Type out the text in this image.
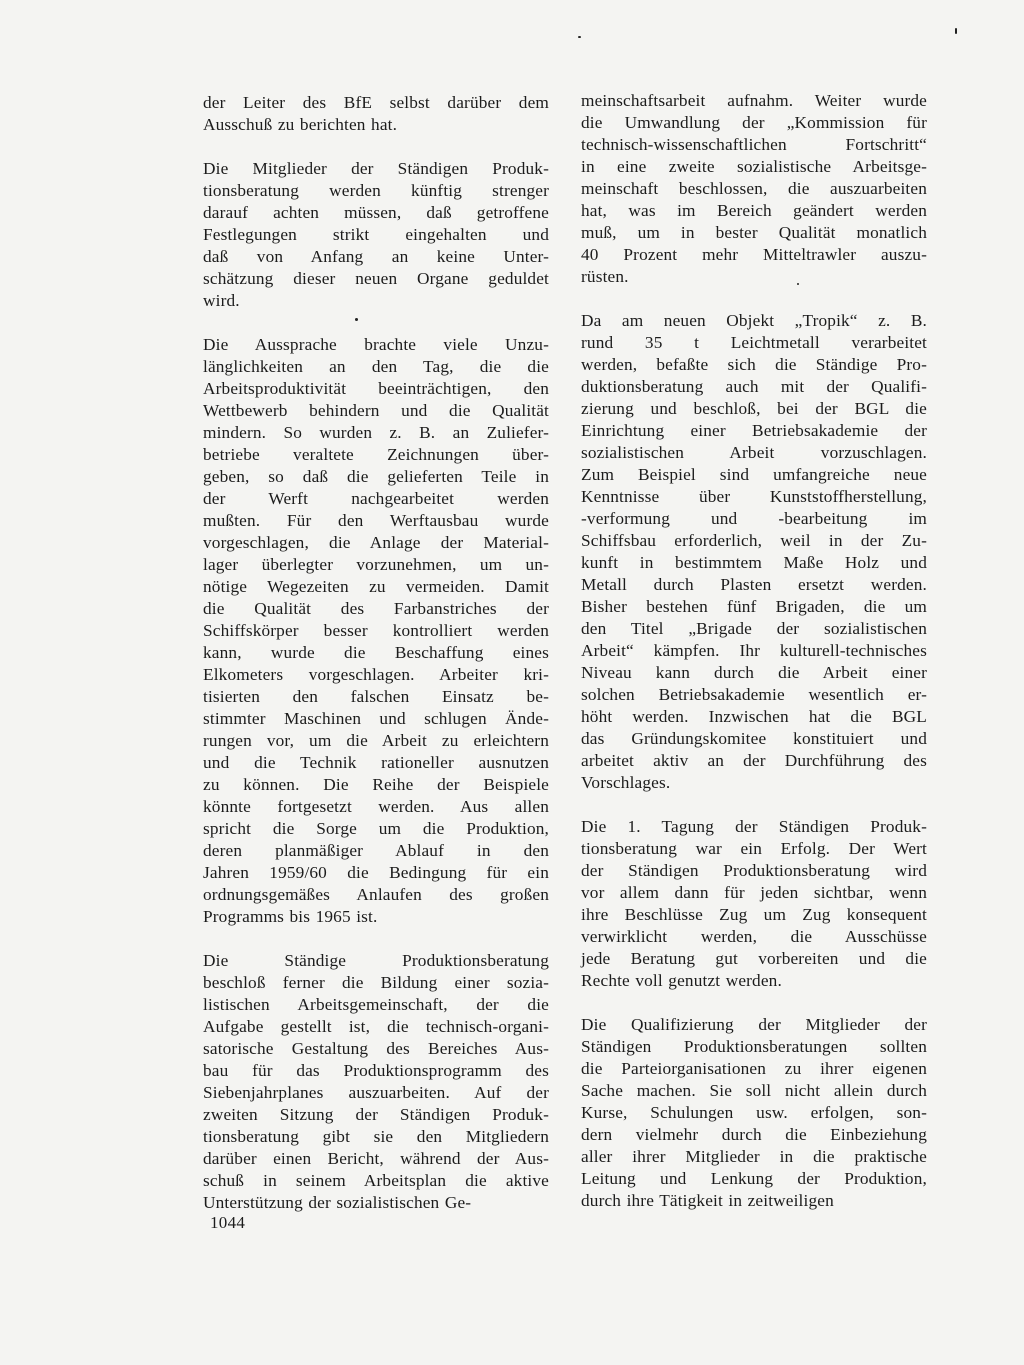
der Leiter des BfE selbst darüber dem
Ausschuß zu berichten hat.

Die Mitglieder der Ständigen Produk-
tionsberatung werden künftig strenger
darauf achten müssen, daß getroffene
Festlegungen strikt eingehalten und
daß von Anfang an keine Unter-
schätzung dieser neuen Organe geduldet
wird.

Die Aussprache brachte viele Unzu-
länglichkeiten an den Tag, die die
Arbeitsproduktivität beeinträchtigen, den
Wettbewerb behindern und die Qualität
mindern. So wurden z. B. an Zuliefer-
betriebe veraltete Zeichnungen über-
geben, so daß die gelieferten Teile in
der Werft nachgearbeitet werden
mußten. Für den Werftausbau wurde
vorgeschlagen, die Anlage der Material-
lager überlegter vorzunehmen, um un-
nötige Wegezeiten zu vermeiden. Damit
die Qualität des Farbanstriches der
Schiffskörper besser kontrolliert werden
kann, wurde die Beschaffung eines
Elkometers vorgeschlagen. Arbeiter kri-
tisierten den falschen Einsatz be-
stimmter Maschinen und schlugen Ände-
rungen vor, um die Arbeit zu erleichtern
und die Technik rationeller ausnutzen
zu können. Die Reihe der Beispiele
könnte fortgesetzt werden. Aus allen
spricht die Sorge um die Produktion,
deren planmäßiger Ablauf in den
Jahren 1959/60 die Bedingung für ein
ordnungsgemäßes Anlaufen des großen
Programms bis 1965 ist.

Die Ständige Produktionsberatung
beschloß ferner die Bildung einer sozia-
listischen Arbeitsgemeinschaft, der die
Aufgabe gestellt ist, die technisch-organi-
satorische Gestaltung des Bereiches Aus-
bau für das Produktionsprogramm des
Siebenjahrplanes auszuarbeiten. Auf der
zweiten Sitzung der Ständigen Produk-
tionsberatung gibt sie den Mitgliedern
darüber einen Bericht, während der Aus-
schuß in seinem Arbeitsplan die aktive
Unterstützung der sozialistischen Ge-

meinschaftsarbeit aufnahm. Weiter wurde
die Umwandlung der „Kommission für
technisch-wissenschaftlichen Fortschritt“
in eine zweite sozialistische Arbeitsge-
meinschaft beschlossen, die auszuarbeiten
hat, was im Bereich geändert werden
muß, um in bester Qualität monatlich
40 Prozent mehr Mitteltrawler auszu-
rüsten.

Da am neuen Objekt „Tropik“ z. B.
rund 35 t Leichtmetall verarbeitet
werden, befaßte sich die Ständige Pro-
duktionsberatung auch mit der Qualifi-
zierung und beschloß, bei der BGL die
Einrichtung einer Betriebsakademie der
sozialistischen Arbeit vorzuschlagen.
Zum Beispiel sind umfangreiche neue
Kenntnisse über Kunststoffherstellung,
-verformung und -bearbeitung im
Schiffsbau erforderlich, weil in der Zu-
kunft in bestimmtem Maße Holz und
Metall durch Plasten ersetzt werden.
Bisher bestehen fünf Brigaden, die um
den Titel „Brigade der sozialistischen
Arbeit“ kämpfen. Ihr kulturell-technisches
Niveau kann durch die Arbeit einer
solchen Betriebsakademie wesentlich er-
höht werden. Inzwischen hat die BGL
das Gründungskomitee konstituiert und
arbeitet aktiv an der Durchführung des
Vorschlages.

Die 1. Tagung der Ständigen Produk-
tionsberatung war ein Erfolg. Der Wert
der Ständigen Produktionsberatung wird
vor allem dann für jeden sichtbar, wenn
ihre Beschlüsse Zug um Zug konsequent
verwirklicht werden, die Ausschüsse
jede Beratung gut vorbereiten und die
Rechte voll genutzt werden.

Die Qualifizierung der Mitglieder der
Ständigen Produktionsberatungen sollten
die Parteiorganisationen zu ihrer eigenen
Sache machen. Sie soll nicht allein durch
Kurse, Schulungen usw. erfolgen, son-
dern vielmehr durch die Einbeziehung
aller ihrer Mitglieder in die praktische
Leitung und Lenkung der Produktion,
durch ihre Tätigkeit in zeitweiligen

1044
